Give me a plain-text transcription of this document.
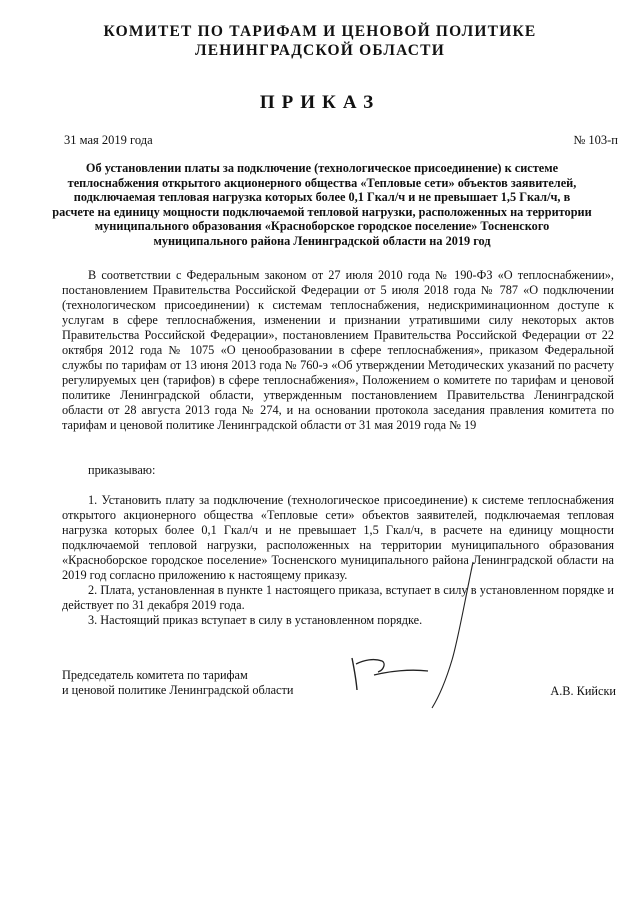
КОМИТЕТ ПО ТАРИФАМ И ЦЕНОВОЙ ПОЛИТИКЕ
ЛЕНИНГРАДСКОЙ ОБЛАСТИ
ПРИКАЗ
31 мая 2019 года	№ 103-п
Об установлении платы за подключение (технологическое присоединение) к системе теплоснабжения открытого акционерного общества «Тепловые сети» объектов заявителей, подключаемая тепловая нагрузка которых более 0,1 Гкал/ч и не превышает 1,5 Гкал/ч, в расчете на единицу мощности подключаемой тепловой нагрузки, расположенных на территории муниципального образования «Красноборское городское поселение» Тосненского муниципального района Ленинградской области на 2019 год
В соответствии с Федеральным законом от 27 июля 2010 года № 190-ФЗ «О теплоснабжении», постановлением Правительства Российской Федерации от 5 июля 2018 года № 787 «О подключении (технологическом присоединении) к системам теплоснабжения, недискриминационном доступе к услугам в сфере теплоснабжения, изменении и признании утратившими силу некоторых актов Правительства Российской Федерации», постановлением Правительства Российской Федерации от 22 октября 2012 года № 1075 «О ценообразовании в сфере теплоснабжения», приказом Федеральной службы по тарифам от 13 июня 2013 года № 760-э «Об утверждении Методических указаний по расчету регулируемых цен (тарифов) в сфере теплоснабжения», Положением о комитете по тарифам и ценовой политике Ленинградской области, утвержденным постановлением Правительства Ленинградской области от 28 августа 2013 года № 274, и на основании протокола заседания правления комитета по тарифам и ценовой политике Ленинградской области от 31 мая 2019 года № 19
приказываю:

1. Установить плату за подключение (технологическое присоединение) к системе теплоснабжения открытого акционерного общества «Тепловые сети» объектов заявителей, подключаемая тепловая нагрузка которых более 0,1 Гкал/ч и не превышает 1,5 Гкал/ч, в расчете на единицу мощности подключаемой тепловой нагрузки, расположенных на территории муниципального образования «Красноборское городское поселение» Тосненского муниципального района Ленинградской области на 2019 год согласно приложению к настоящему приказу.

2. Плата, установленная в пункте 1 настоящего приказа, вступает в силу в установленном порядке и действует по 31 декабря 2019 года.

3. Настоящий приказ вступает в силу в установленном порядке.

Председатель комитета по тарифам
и ценовой политике Ленинградской области	А.В. Кийски
